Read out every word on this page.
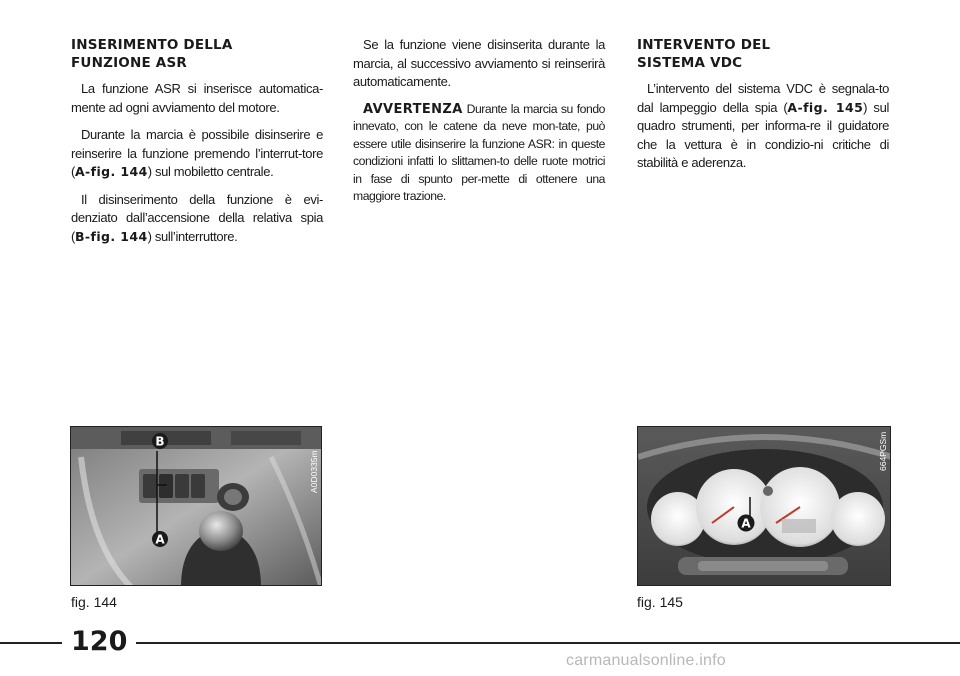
INSERIMENTO DELLA
FUNZIONE ASR

La funzione ASR si inserisce automatica-mente ad ogni avviamento del motore.

Durante la marcia è possibile disinserire e reinserire la funzione premendo l’interrut-tore (A-fig. 144) sul mobiletto centrale.

Il disinserimento della funzione è evi-denziato dall’accensione della relativa spia (B-fig. 144) sull’interruttore.

Se la funzione viene disinserita durante la marcia, al successivo avviamento si reinserirà automaticamente.

AVVERTENZA Durante la marcia su fondo innevato, con le catene da neve mon-tate, può essere utile disinserire la funzione ASR: in queste condizioni infatti lo slittamen-to delle ruote motrici in fase di spunto per-mette di ottenere una maggiore trazione.

INTERVENTO DEL
SISTEMA VDC

L’intervento del sistema VDC è segnala-to dal lampeggio della spia (A-fig. 145) sul quadro strumenti, per informa-re il guidatore che la vettura è in condizio-ni critiche di stabilità e aderenza.

B
A
A0D0335m
fig. 144
A
664PGSm
fig. 145
120
carmanualsonline.info
